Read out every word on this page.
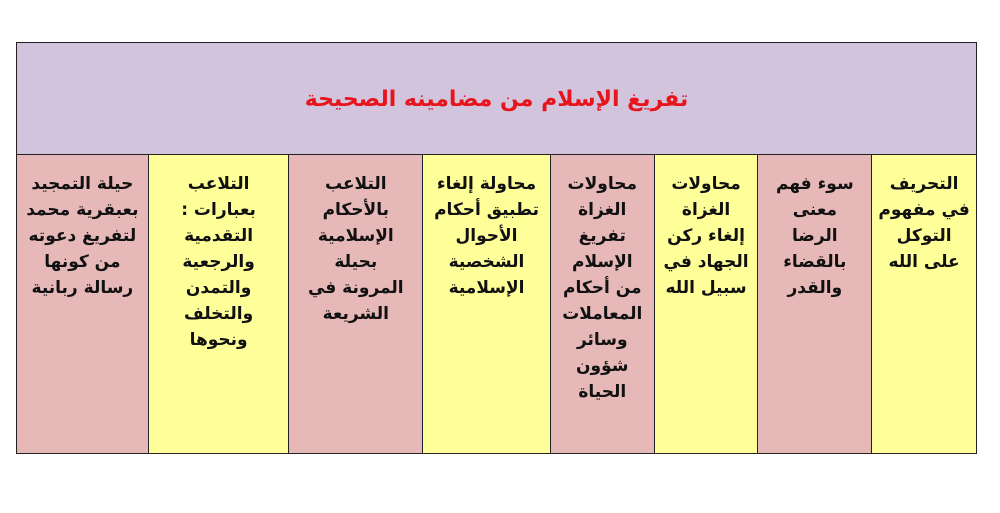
تفريغ الإسلام من مضامينه الصحيحة
التحريف
في مفهوم
التوكل
على الله
سوء فهم
معنى
الرضا
بالقضاء
والقدر
محاولات
الغزاة
إلغاء ركن
الجهاد في
سبيل الله
محاولات
الغزاة
تفريغ
الإسلام
من أحكام
المعاملات
وسائر
شؤون
الحياة
محاولة إلغاء
تطبيق أحكام
الأحوال
الشخصية
الإسلامية
التلاعب
بالأحكام
الإسلامية
بحيلة
المرونة في
الشريعة
التلاعب
بعبارات :
التقدمية
والرجعية
والتمدن
والتخلف
ونحوها
حيلة التمجيد
بعبقرية محمد
لتفريغ دعوته
من كونها
رسالة ربانية
